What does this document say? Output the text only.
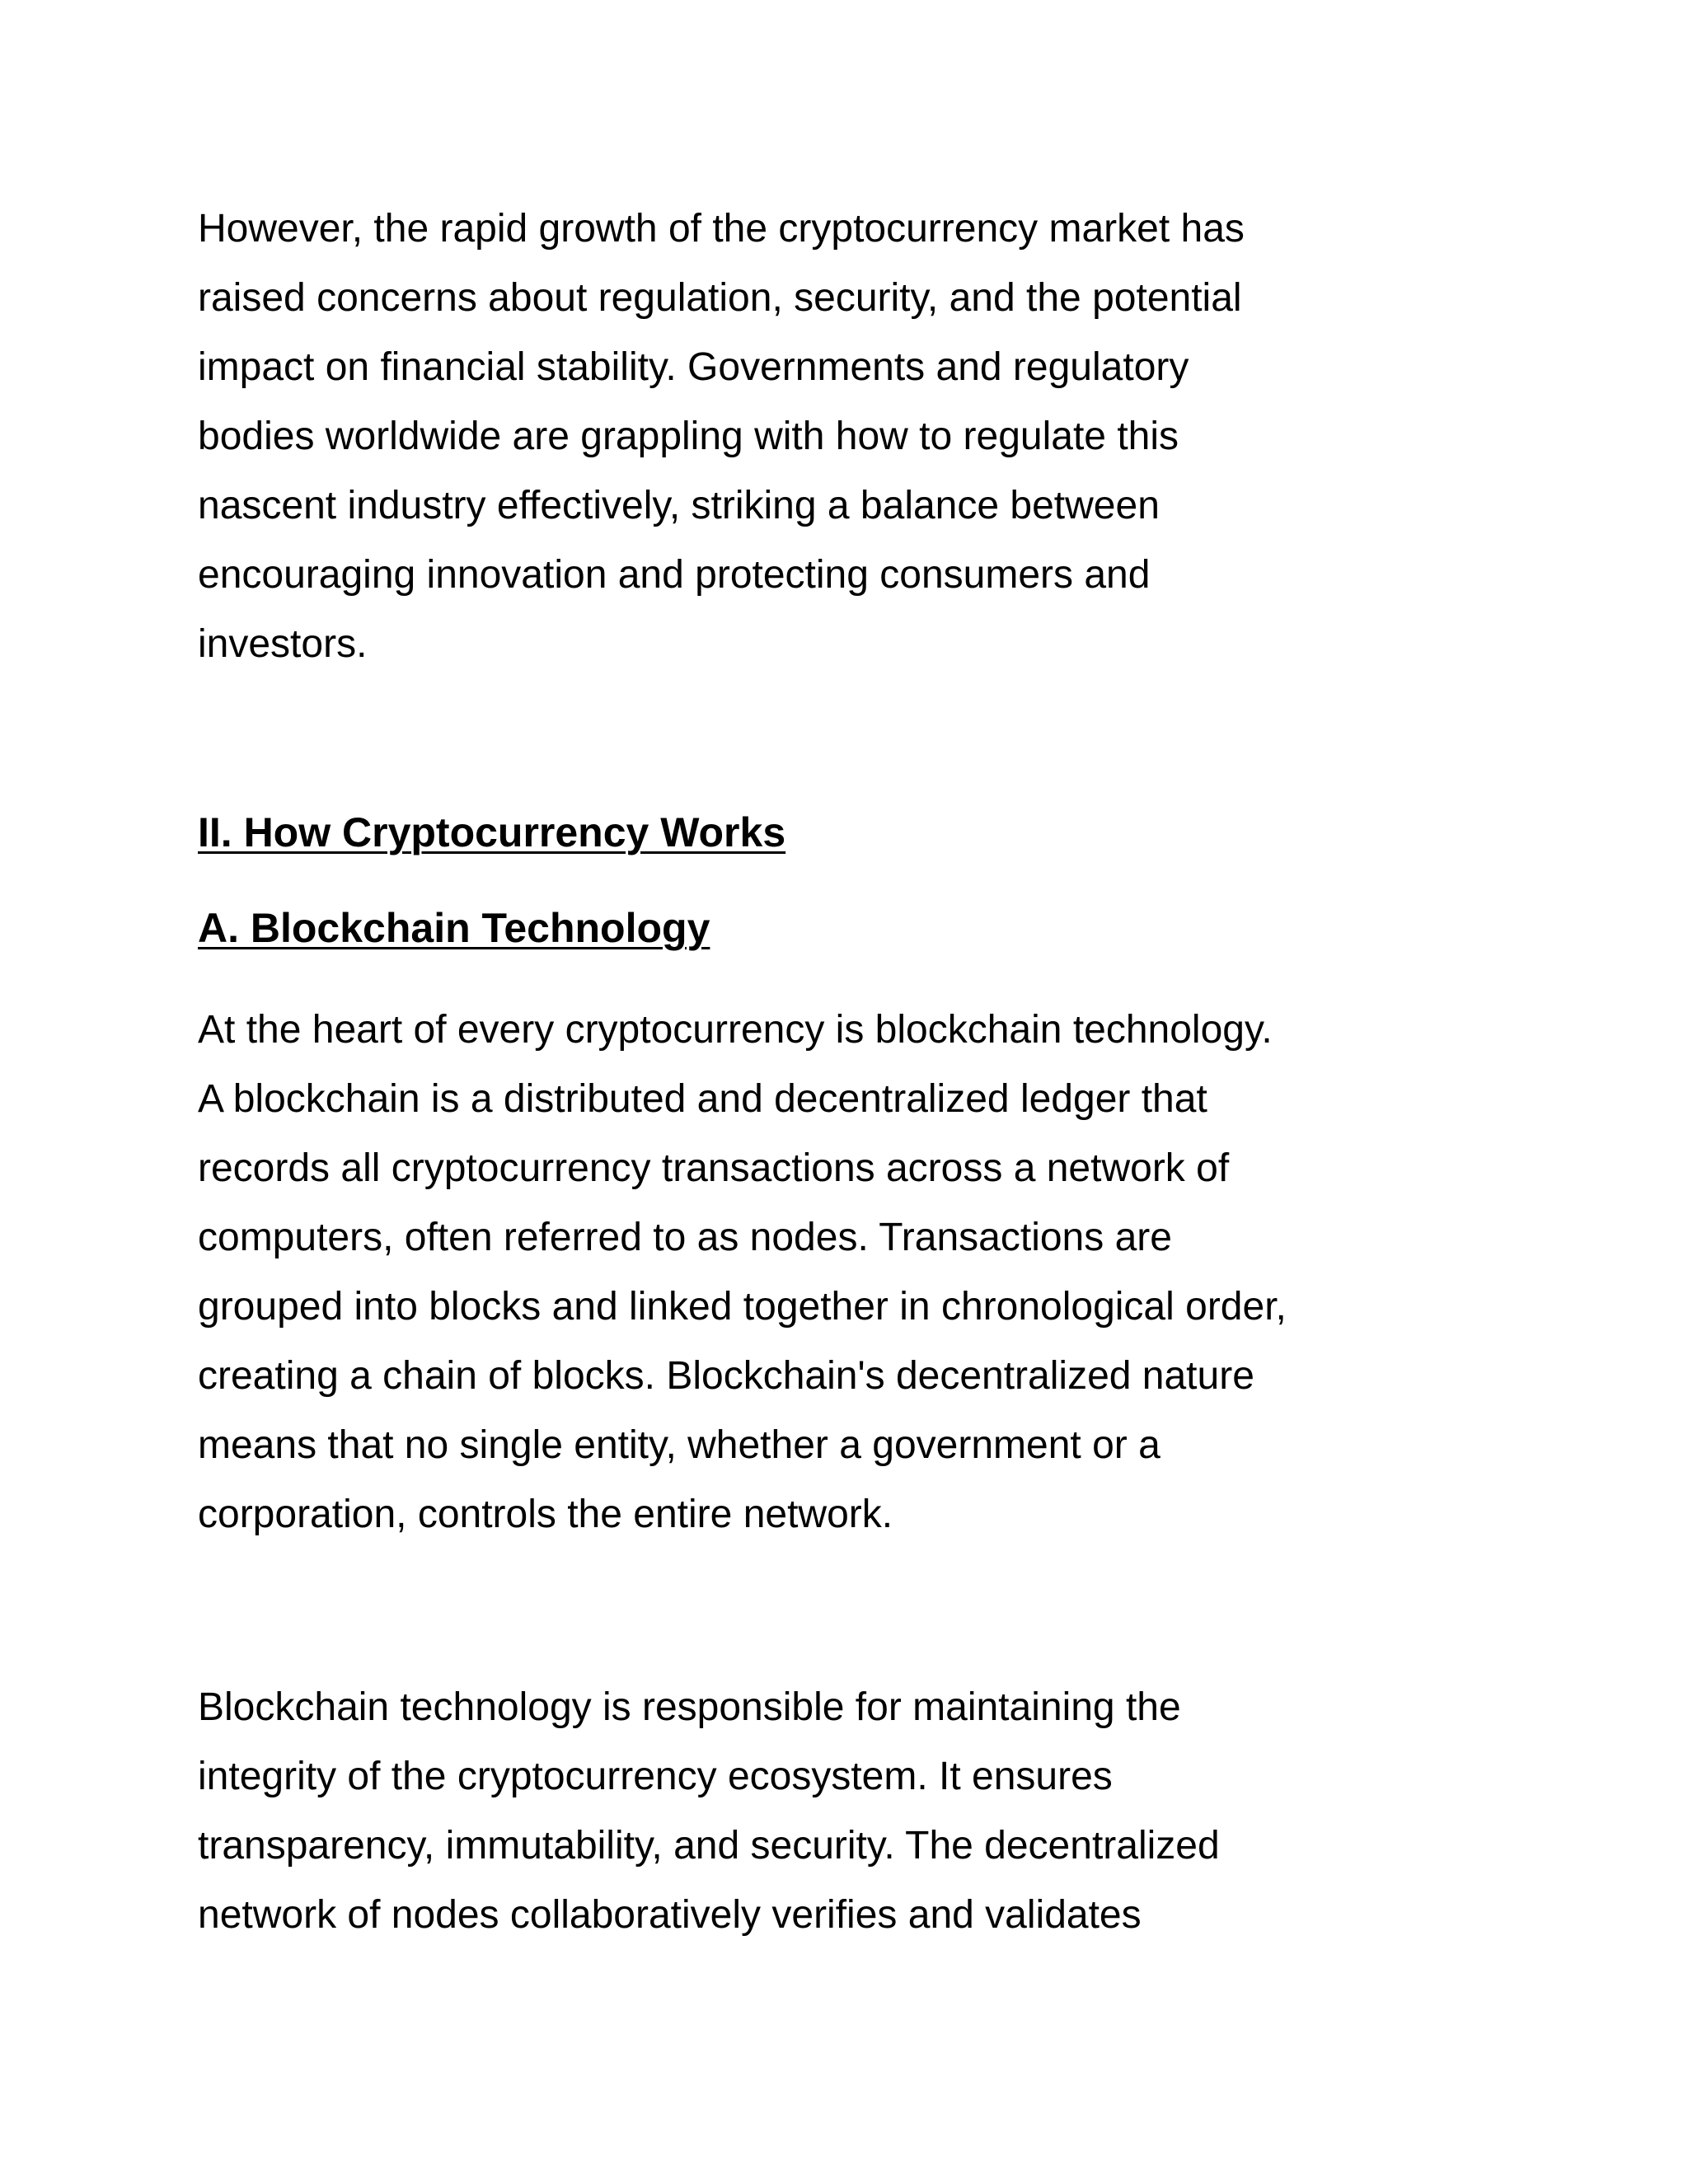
However, the rapid growth of the cryptocurrency market has
raised concerns about regulation, security, and the potential
impact on financial stability. Governments and regulatory
bodies worldwide are grappling with how to regulate this
nascent industry effectively, striking a balance between
encouraging innovation and protecting consumers and
investors.

II. How Cryptocurrency Works
A. Blockchain Technology

At the heart of every cryptocurrency is blockchain technology.
A blockchain is a distributed and decentralized ledger that
records all cryptocurrency transactions across a network of
computers, often referred to as nodes. Transactions are
grouped into blocks and linked together in chronological order,
creating a chain of blocks. Blockchain's decentralized nature
means that no single entity, whether a government or a
corporation, controls the entire network.

Blockchain technology is responsible for maintaining the
integrity of the cryptocurrency ecosystem. It ensures
transparency, immutability, and security. The decentralized
network of nodes collaboratively verifies and validates
